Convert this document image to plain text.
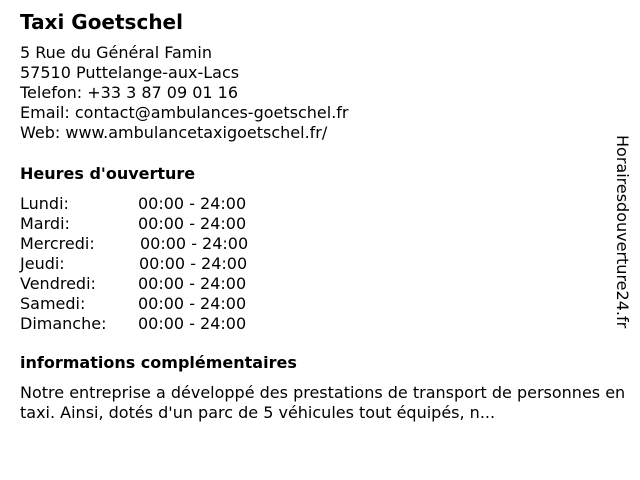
Taxi Goetschel
5 Rue du Général Famin
57510 Puttelange-aux-Lacs
Telefon: +33 3 87 09 01 16
Email: contact@ambulances-goetschel.fr
Web: www.ambulancetaxigoetschel.fr/
Heures d'ouverture
Lundi:	00:00 - 24:00
Mardi:	00:00 - 24:00
Mercredi:	00:00 - 24:00
Jeudi:	00:00 - 24:00
Vendredi:	00:00 - 24:00
Samedi:	00:00 - 24:00
Dimanche: 00:00 - 24:00
informations complémentaires

Notre entreprise a développé des prestations de transport de personnes en taxi. Ainsi, dotés d'un parc de 5 véhicules tout équipés, n...

Horairesdouverture24.fr
